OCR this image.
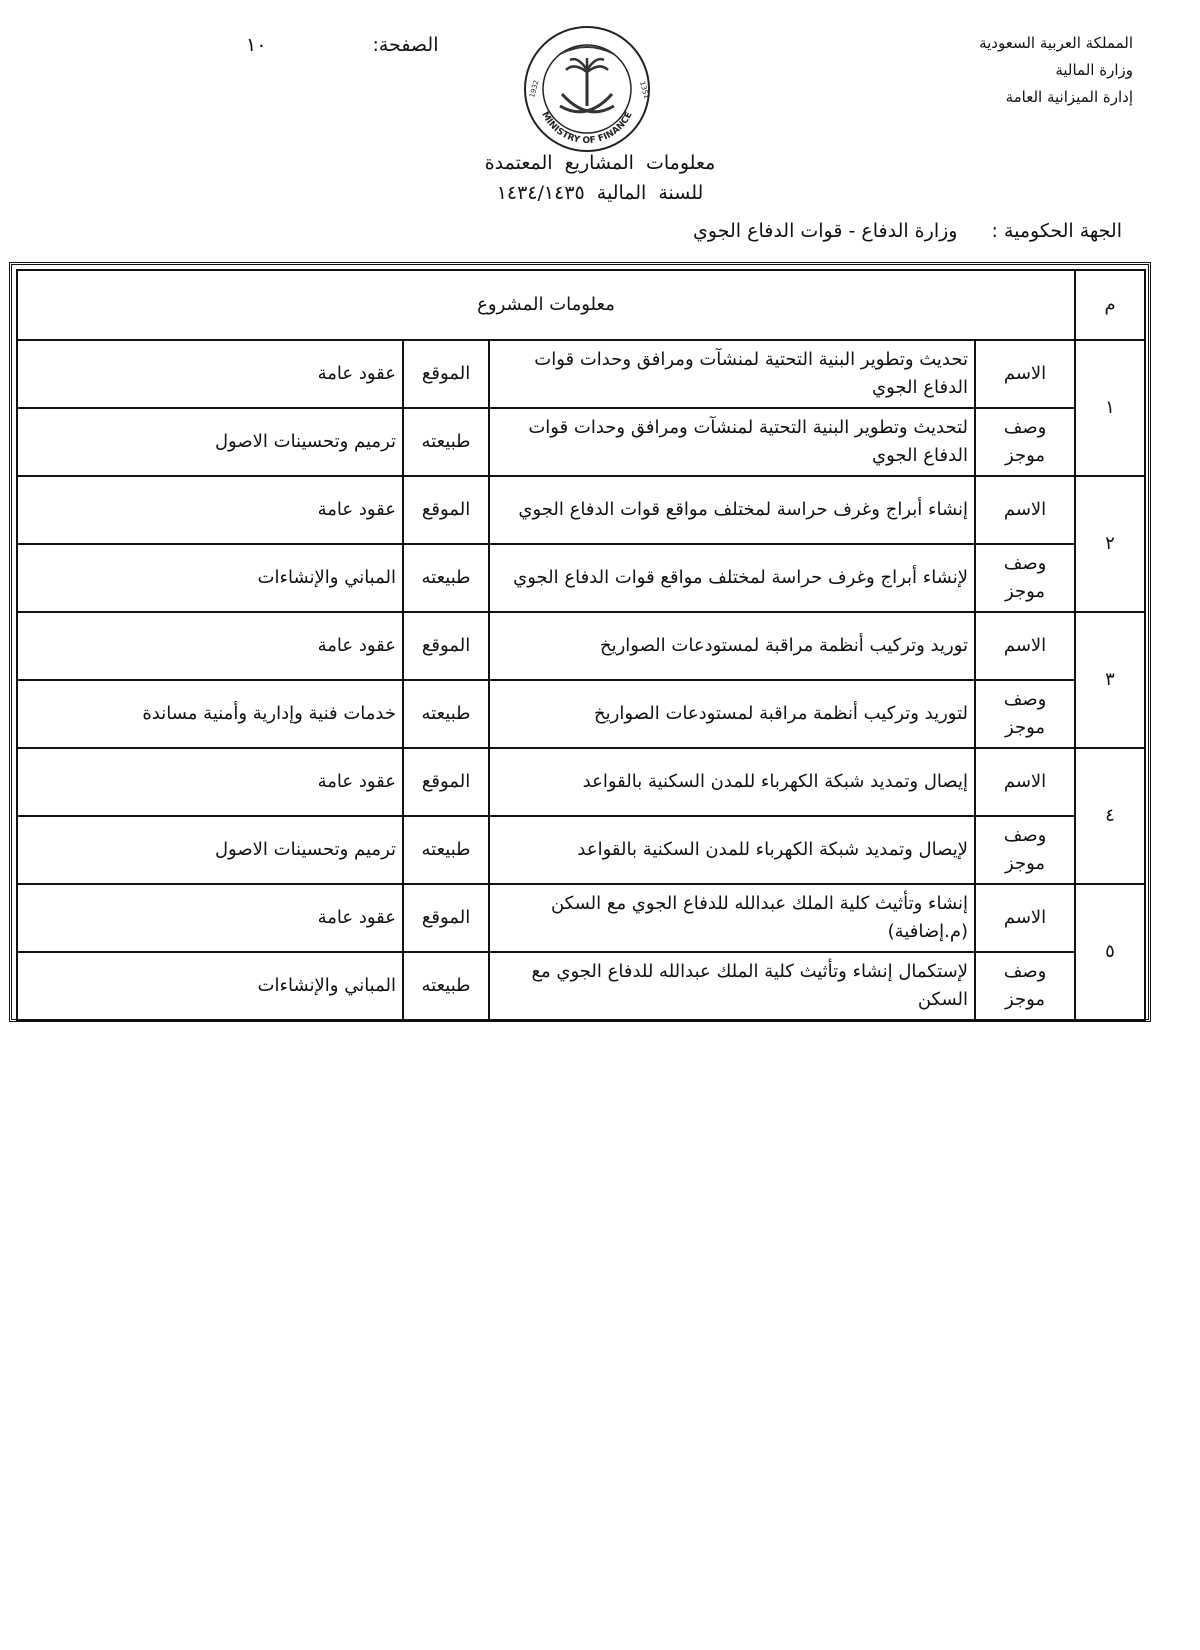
المملكة العربية السعودية
وزارة المالية
إدارة الميزانية العامة
الصفحة: ١٠
MINISTRY OF FINANCE
1932	1351
معلومات المشاريع المعتمدة
للسنة المالية ١٤٣٤/١٤٣٥
الجهة الحكومية : وزارة الدفاع - قوات الدفاع الجوي
م	معلومات المشروع			
١	الاسم	تحديث وتطوير البنية التحتية لمنشآت ومرافق وحدات قوات الدفاع الجوي	الموقع	عقود عامة
	وصف موجز	لتحديث وتطوير البنية التحتية لمنشآت ومرافق وحدات قوات الدفاع الجوي	طبيعته	ترميم وتحسينات الاصول
٢	الاسم	إنشاء أبراج وغرف حراسة لمختلف مواقع قوات الدفاع الجوي	الموقع	عقود عامة
	وصف موجز	لإنشاء أبراج وغرف حراسة لمختلف مواقع قوات الدفاع الجوي	طبيعته	المباني والإنشاءات
٣	الاسم	توريد وتركيب أنظمة مراقبة لمستودعات الصواريخ	الموقع	عقود عامة
	وصف موجز	لتوريد وتركيب أنظمة مراقبة لمستودعات الصواريخ	طبيعته	خدمات فنية وإدارية وأمنية مساندة
٤	الاسم	إيصال وتمديد شبكة الكهرباء للمدن السكنية بالقواعد	الموقع	عقود عامة
	وصف موجز	لإيصال وتمديد شبكة الكهرباء للمدن السكنية بالقواعد	طبيعته	ترميم وتحسينات الاصول
٥	الاسم	إنشاء وتأثيث كلية الملك عبدالله للدفاع الجوي مع السكن (م.إضافية)	الموقع	عقود عامة
	وصف موجز	لإستكمال إنشاء وتأثيث كلية الملك عبدالله للدفاع الجوي مع السكن	طبيعته	المباني والإنشاءات
